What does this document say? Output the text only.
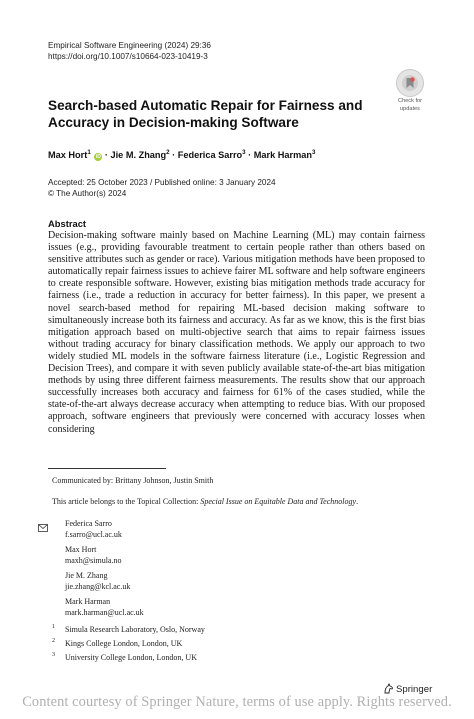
Empirical Software Engineering (2024) 29:36
https://doi.org/10.1007/s10664-023-10419-3
Check for
updates
Search-based Automatic Repair for Fairness and Accuracy in Decision-making Software
Max Hort$^1$ iD · Jie M. Zhang$^2$ · Federica Sarro$^3$ · Mark Harman$^3$
Accepted: 25 October 2023 / Published online: 3 January 2024
© The Author(s) 2024
Abstract

Decision-making software mainly based on Machine Learning (ML) may contain fairness issues (e.g., providing favourable treatment to certain people rather than others based on sensitive attributes such as gender or race). Various mitigation methods have been proposed to automatically repair fairness issues to achieve fairer ML software and help software engineers to create responsible software. However, existing bias mitigation methods trade accuracy for fairness (i.e., trade a reduction in accuracy for better fairness). In this paper, we present a novel search-based method for repairing ML-based decision making software to simultaneously increase both its fairness and accuracy. As far as we know, this is the first bias mitigation approach based on multi-objective search that aims to repair fairness issues without trading accuracy for binary classification methods. We apply our approach to two widely studied ML models in the software fairness literature (i.e., Logistic Regression and Decision Trees), and compare it with seven publicly available state-of-the-art bias mitigation methods by using three different fairness measurements. The results show that our approach successfully increases both accuracy and fairness for 61% of the cases studied, while the state-of-the-art always decrease accuracy when attempting to reduce bias. With our proposed approach, software engineers that previously were concerned with accuracy losses when considering

Communicated by: Brittany Johnson, Justin Smith
This article belongs to the Topical Collection: Special Issue on Equitable Data and Technology.
Federica Sarro
f.sarro@ucl.ac.uk
Max Hort
maxh@simula.no
Jie M. Zhang
jie.zhang@kcl.ac.uk
Mark Harman
mark.harman@ucl.ac.uk
1 Simula Research Laboratory, Oslo, Norway
2 Kings College London, London, UK
3 University College London, London, UK
Springer
Content courtesy of Springer Nature, terms of use apply. Rights reserved.
